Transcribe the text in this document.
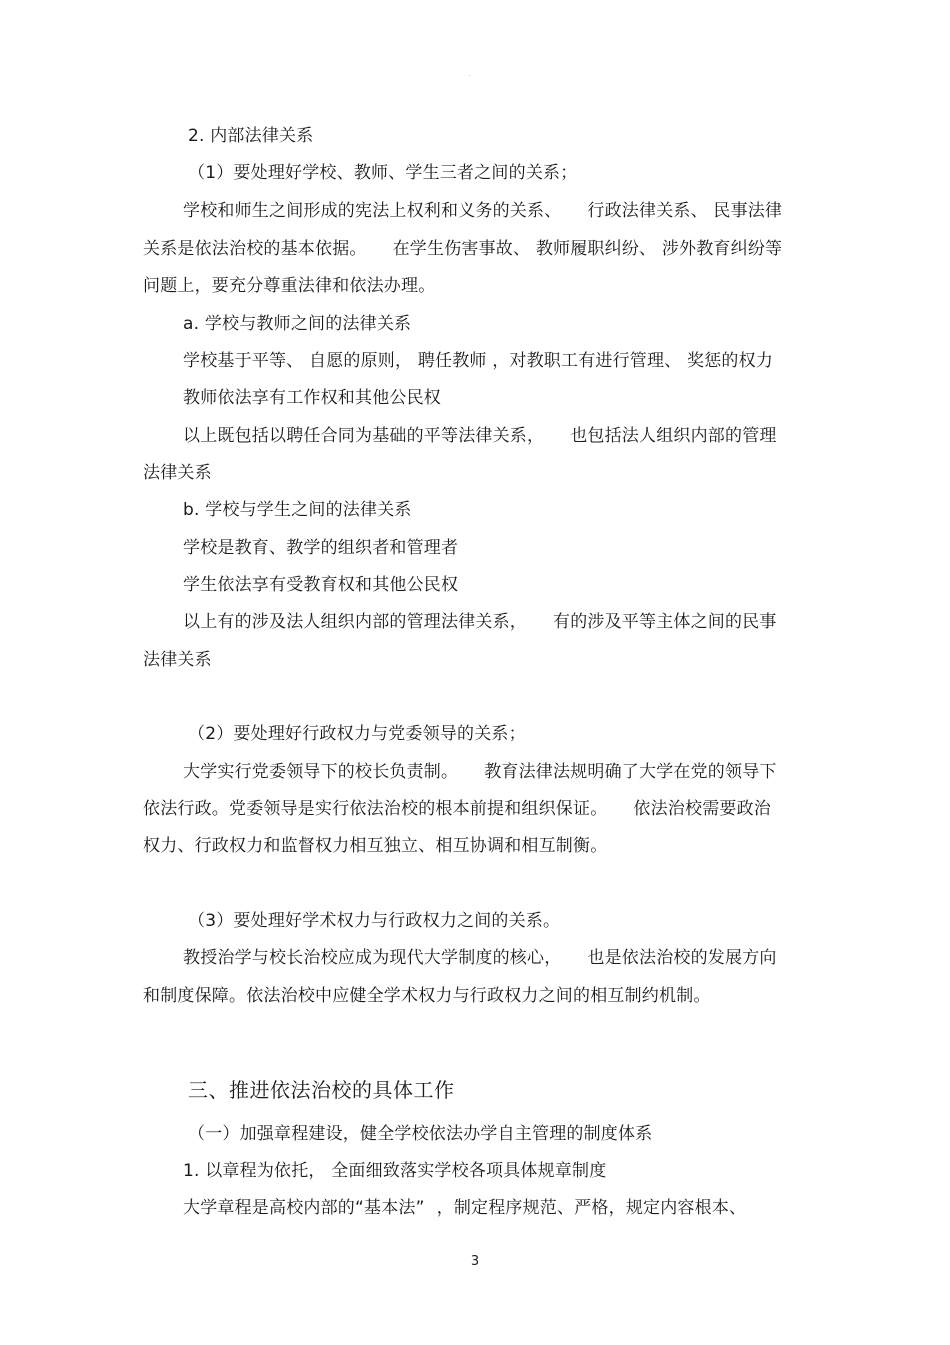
·
2. 内部法律关系
（1）要处理好学校、教师、学生三者之间的关系；
学校和师生之间形成的宪法上权利和义务的关系、 行政法律关系、 民事法律
关系是依法治校的基本依据。 在学生伤害事故、 教师履职纠纷、 涉外教育纠纷等
问题上，要充分尊重法律和依法办理。
a. 学校与教师之间的法律关系
学校基于平等、 自愿的原则， 聘任教师 ，对教职工有进行管理、 奖惩的权力
教师依法享有工作权和其他公民权
以上既包括以聘任合同为基础的平等法律关系， 也包括法人组织内部的管理
法律关系
b. 学校与学生之间的法律关系
学校是教育、教学的组织者和管理者
学生依法享有受教育权和其他公民权
以上有的涉及法人组织内部的管理法律关系， 有的涉及平等主体之间的民事
法律关系
（2）要处理好行政权力与党委领导的关系；
大学实行党委领导下的校长负责制。 教育法律法规明确了大学在党的领导下
依法行政。党委领导是实行依法治校的根本前提和组织保证。 依法治校需要政治
权力、行政权力和监督权力相互独立、相互协调和相互制衡。
（3）要处理好学术权力与行政权力之间的关系。
教授治学与校长治校应成为现代大学制度的核心， 也是依法治校的发展方向
和制度保障。依法治校中应健全学术权力与行政权力之间的相互制约机制。
三、推进依法治校的具体工作
（一）加强章程建设，健全学校依法办学自主管理的制度体系
1. 以章程为依托， 全面细致落实学校各项具体规章制度
大学章程是高校内部的“基本法” ，制定程序规范、严格，规定内容根本、
3
